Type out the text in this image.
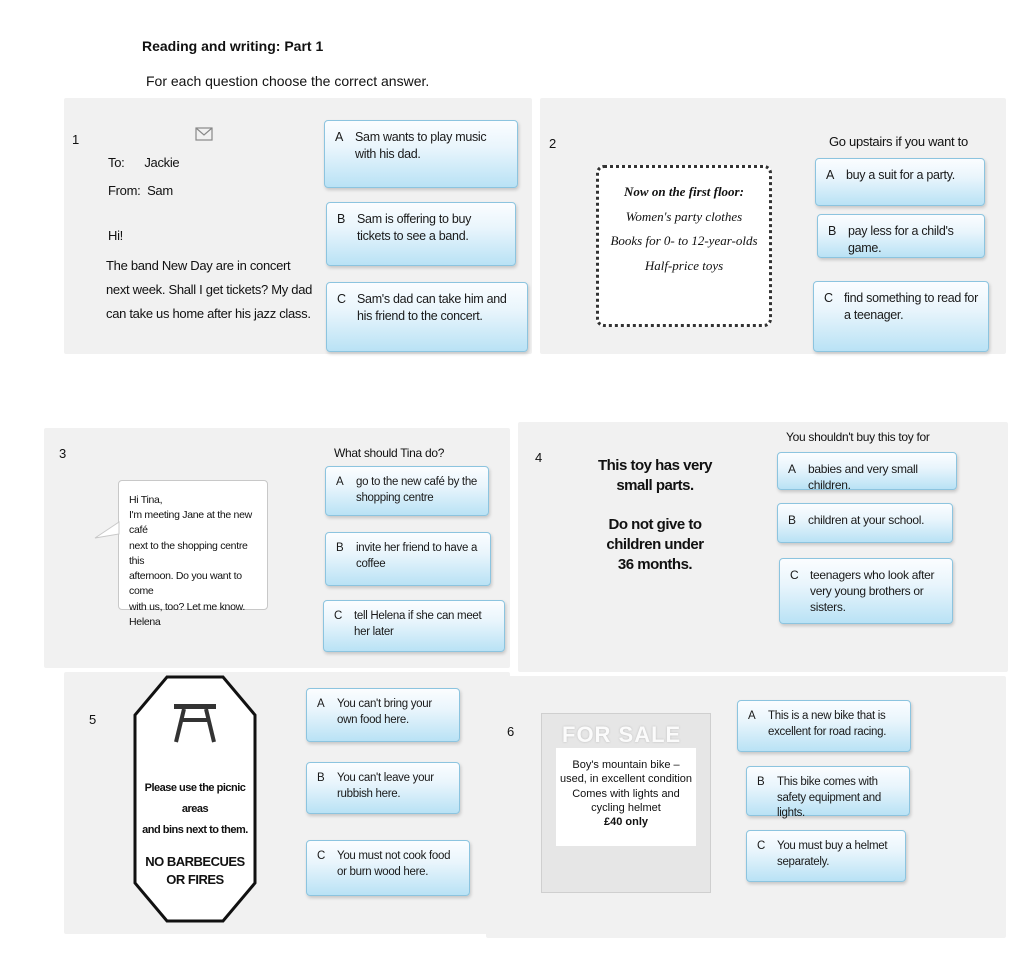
Reading and writing: Part 1
For each question choose the correct answer.
1
To:      Jackie
From:  Sam
Hi!
The band New Day are in concert
next week. Shall I get tickets? My dad
can take us home after his jazz class.
A Sam wants to play music with his dad.
B Sam is offering to buy tickets to see a band.
C Sam's dad can take him and his friend to the concert.
2	Go upstairs if you want to
Now on the first floor:
Women's party clothes
Books for 0- to 12-year-olds
Half-price toys
A buy a suit for a party.
B pay less for a child's game.
C find something to read for a teenager.
3	What should Tina do?
Hi Tina,
I'm meeting Jane at the new café
next to the shopping centre this
afternoon. Do you want to come
with us, too? Let me know.
Helena
A go to the new café by the shopping centre
B invite her friend to have a coffee
C tell Helena if she can meet her later
4
You shouldn't buy this toy for
This toy has very
small parts.
Do not give to
children under
36 months.
A babies and very small children.
B children at your school.
C teenagers who look after very young brothers or sisters.
5
Please use the picnic areas
and bins next to them.
NO BARBECUES
OR FIRES
A You can't bring your own food here.
B You can't leave your rubbish here.
C You must not cook food or burn wood here.
6 FOR SALE
Boy's mountain bike –
used, in excellent condition
Comes with lights and
cycling helmet
£40 only
A This is a new bike that is excellent for road racing.
B This bike comes with safety equipment and lights.
C You must buy a helmet separately.
